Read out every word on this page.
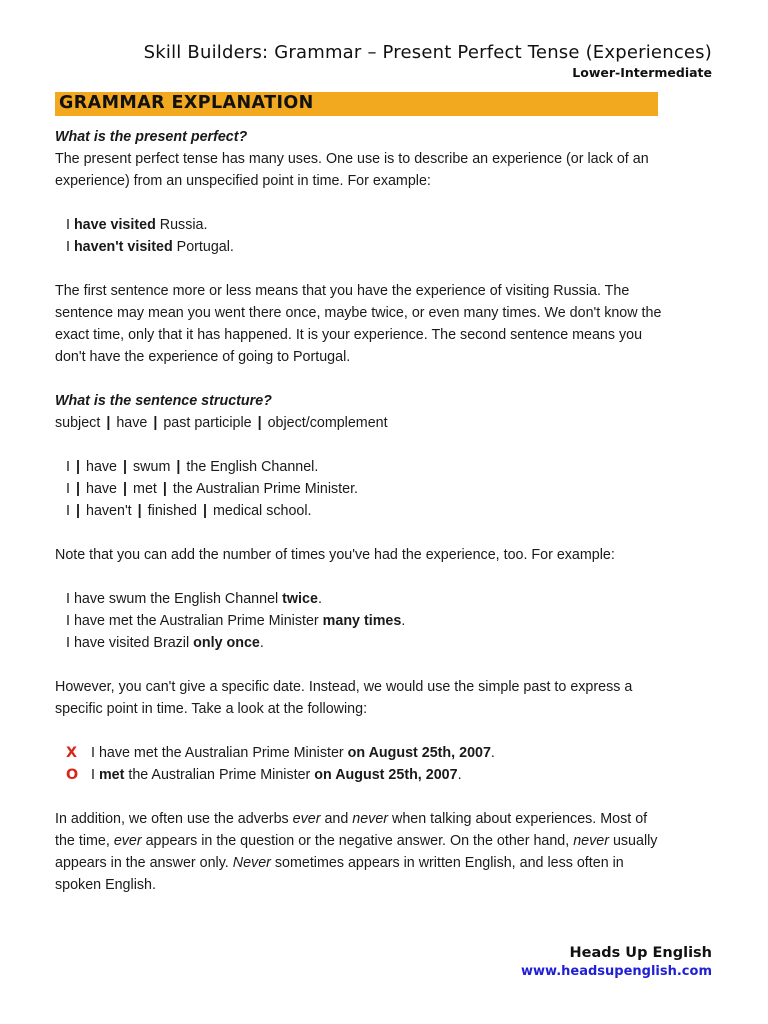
Skill Builders: Grammar – Present Perfect Tense (Experiences)
Lower-Intermediate
GRAMMAR EXPLANATION

What is the present perfect?

The present perfect tense has many uses. One use is to describe an experience (or lack of an

experience) from an unspecified point in time. For example:

I have visited Russia.

I haven't visited Portugal.

The first sentence more or less means that you have the experience of visiting Russia. The

sentence may mean you went there once, maybe twice, or even many times. We don't know the

exact time, only that it has happened. It is your experience. The second sentence means you

don't have the experience of going to Portugal.

What is the sentence structure?

subject | have | past participle | object/complement

I | have | swum | the English Channel.

I | have | met | the Australian Prime Minister.

I | haven't | finished | medical school.

Note that you can add the number of times you've had the experience, too. For example:

I have swum the English Channel twice.

I have met the Australian Prime Minister many times.

I have visited Brazil only once.

However, you can't give a specific date. Instead, we would use the simple past to express a

specific point in time. Take a look at the following:

X I have met the Australian Prime Minister on August 25th, 2007.
O I met the Australian Prime Minister on August 25th, 2007.

In addition, we often use the adverbs ever and never when talking about experiences. Most of

the time, ever appears in the question or the negative answer. On the other hand, never usually

appears in the answer only. Never sometimes appears in written English, and less often in

spoken English.

Heads Up English
www.headsupenglish.com
